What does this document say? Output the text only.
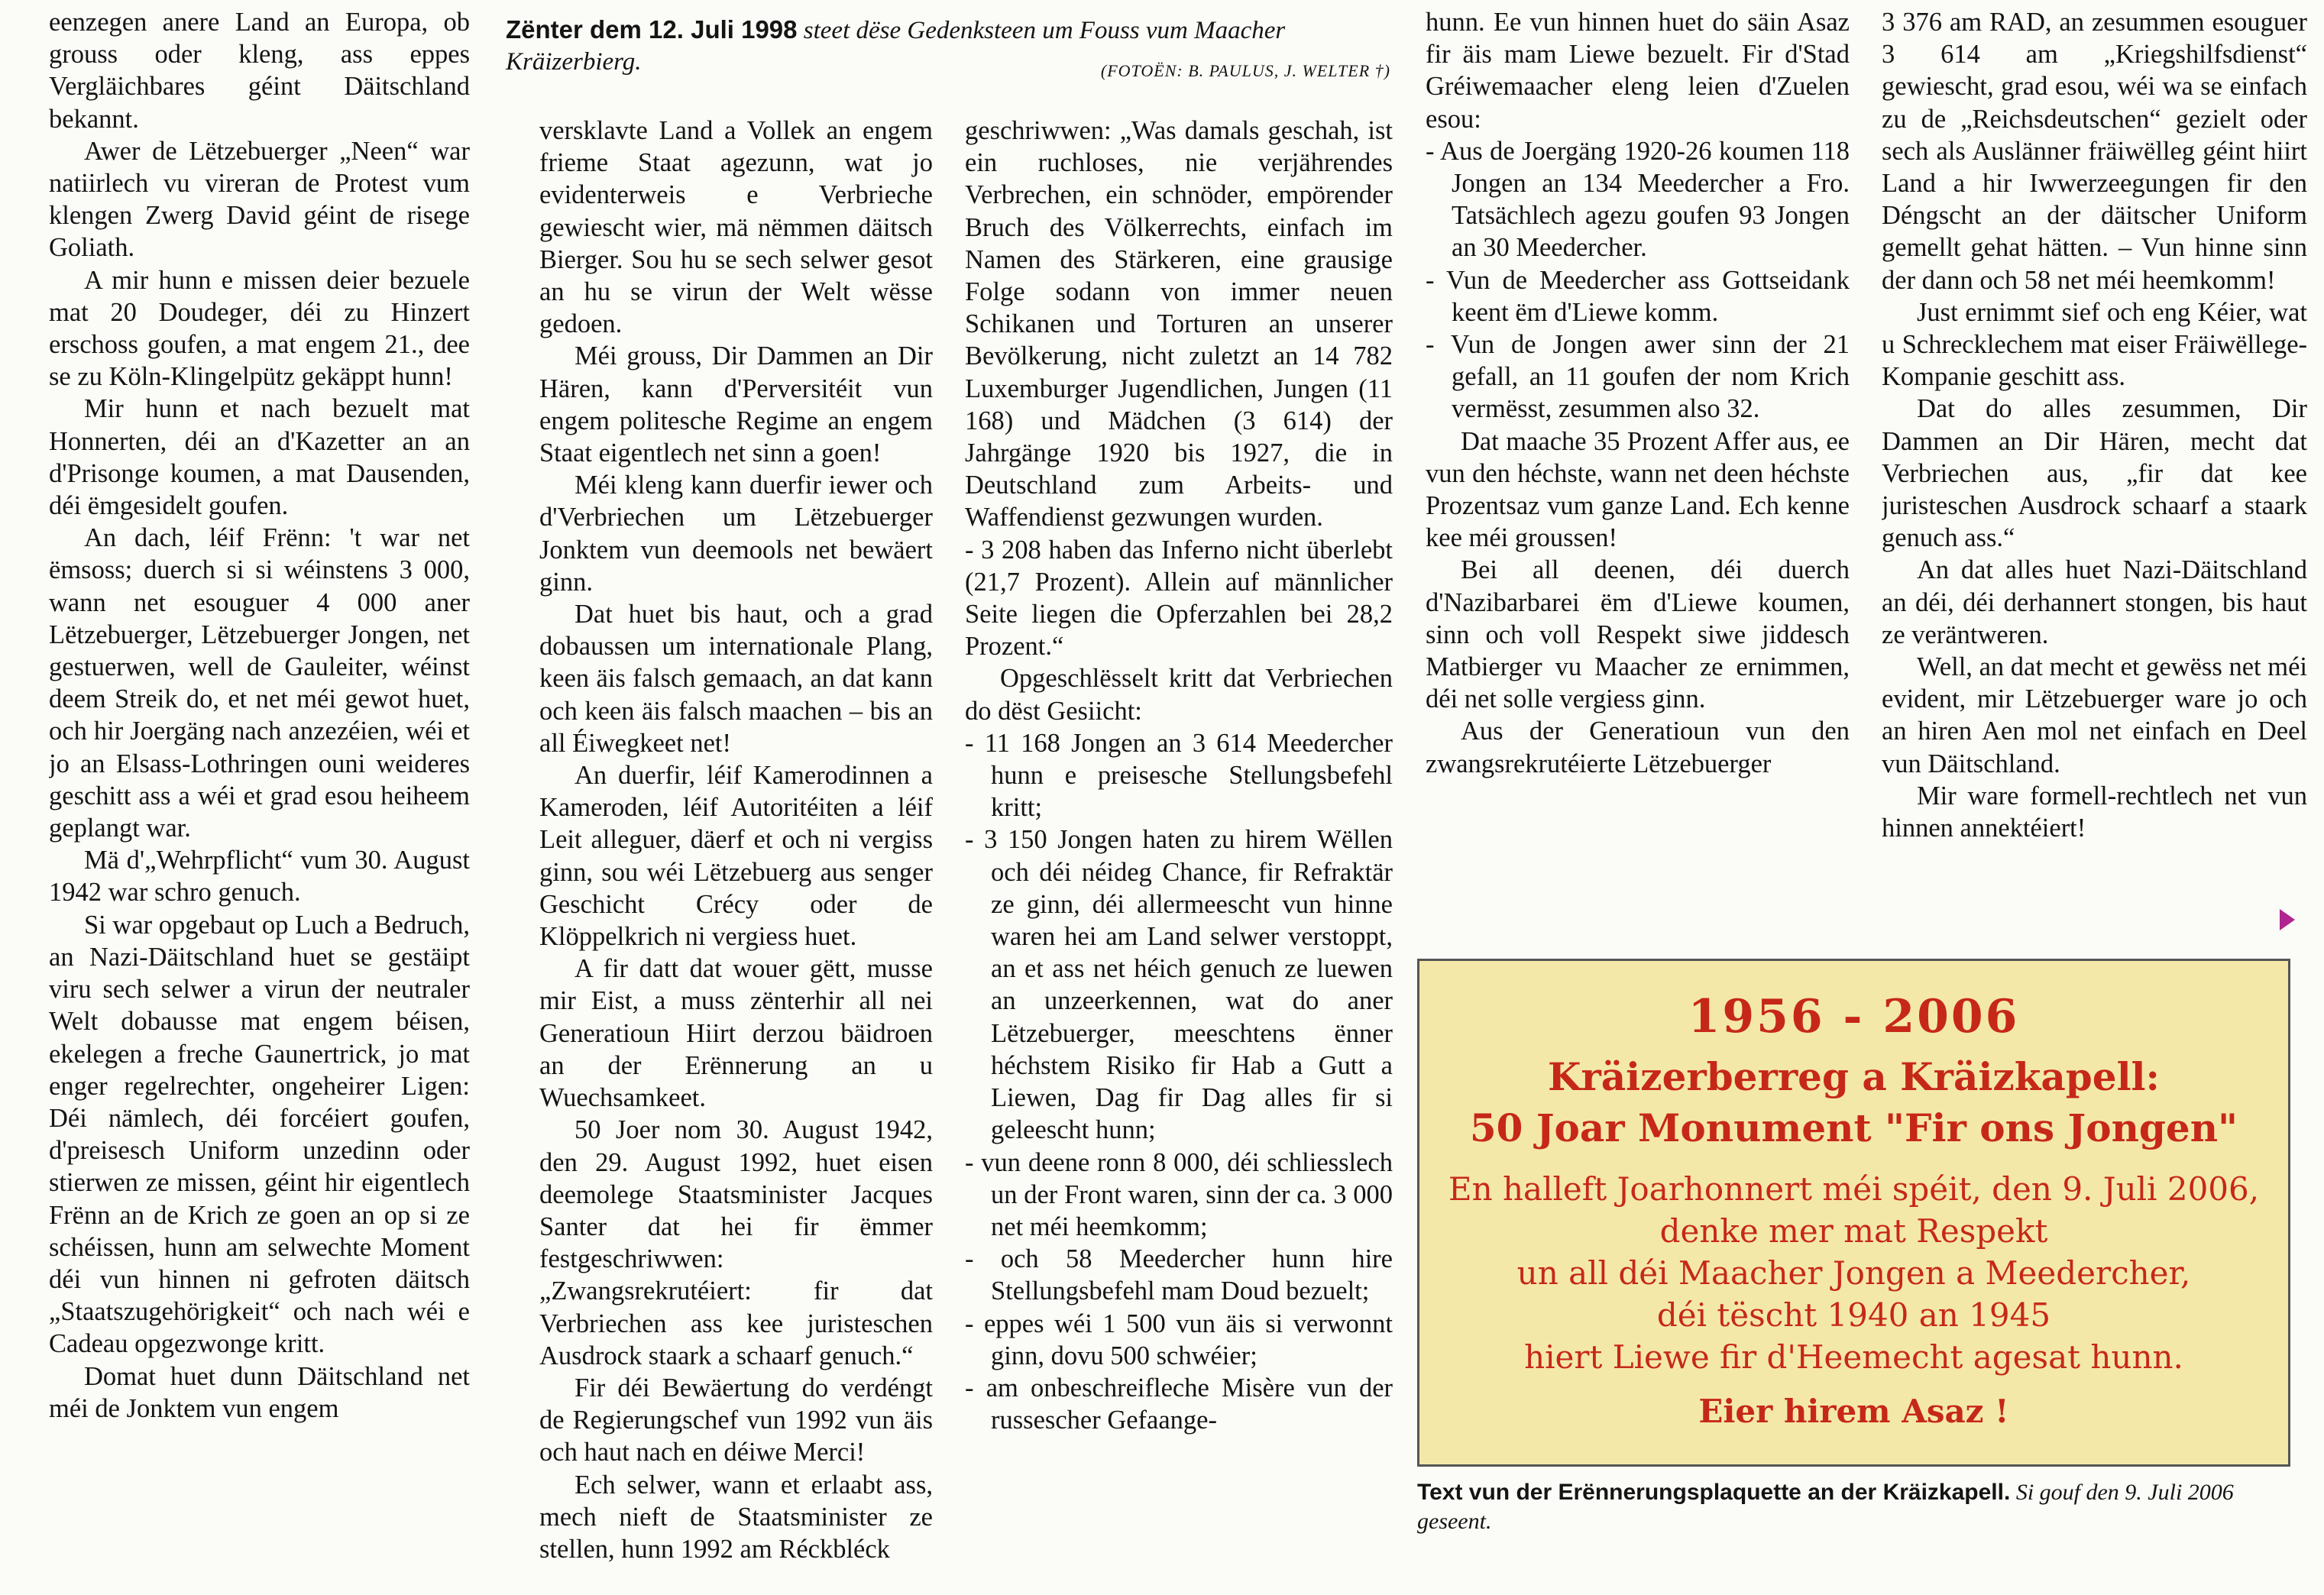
Zënter dem 12. Juli 1998 steet dëse Gedenksteen um Fouss vum Maacher Kräizerbierg.	(FOTOËN: B. PAULUS, J. WELTER †)

eenzegen anere Land an Europa, ob grouss oder kleng, ass eppes Vergläichbares géint Däitschland bekannt.

Awer de Lëtzebuerger „Neen“ war natiirlech vu vireran de Protest vum klengen Zwerg David géint de risege Goliath.

A mir hunn e missen deier bezuele mat 20 Doudeger, déi zu Hinzert erschoss goufen, a mat engem 21., dee se zu Köln-Klingelpütz gekäppt hunn!

Mir hunn et nach bezuelt mat Honnerten, déi an d'Kazetter an an d'Prisonge koumen, a mat Dausenden, déi ëmgesidelt goufen.

An dach, léif Frënn: 't war net ëmsoss; duerch si si wéinstens 3 000, wann net esouguer 4 000 aner Lëtzebuerger, Lëtzebuerger Jongen, net gestuerwen, well de Gauleiter, wéinst deem Streik do, et net méi gewot huet, och hir Joergäng nach anzezéien, wéi et jo an Elsass-Lothringen ouni weideres geschitt ass a wéi et grad esou heiheem geplangt war.

Mä d'„Wehrpflicht“ vum 30. August 1942 war schro genuch.

Si war opgebaut op Luch a Bedruch, an Nazi-Däitschland huet se gestäipt viru sech selwer a virun der neutraler Welt dobausse mat engem béisen, ekelegen a freche Gaunertrick, jo mat enger regelrechter, ongeheirer Ligen: Déi nämlech, déi forcéiert goufen, d'preisesch Uniform unzedinn oder stierwen ze missen, géint hir eigentlech Frënn an de Krich ze goen an op si ze schéissen, hunn am selwechte Moment déi vun hinnen ni gefroten däitsch „Staatszugehörigkeit“ och nach wéi e Cadeau opgezwonge kritt.

Domat huet dunn Däitschland net méi de Jonktem vun engem

versklavte Land a Vollek an engem frieme Staat agezunn, wat jo evidenterweis e Verbrieche gewiescht wier, mä nëmmen däitsch Bierger. Sou hu se sech selwer gesot an hu se virun der Welt wësse gedoen.

Méi grouss, Dir Dammen an Dir Hären, kann d'Perversitéit vun engem politesche Regime an engem Staat eigentlech net sinn a goen!

Méi kleng kann duerfir iewer och d'Verbriechen um Lëtzebuerger Jonktem vun deemools net bewäert ginn.

Dat huet bis haut, och a grad dobaussen um internationale Plang, keen äis falsch gemaach, an dat kann och keen äis falsch maachen – bis an all Éiwegkeet net!

An duerfir, léif Kamerodinnen a Kameroden, léif Autoritéiten a léif Leit alleguer, däerf et och ni vergiss ginn, sou wéi Lëtzebuerg aus senger Geschicht Crécy oder de Klöppelkrich ni vergiess huet.

A fir datt dat wouer gëtt, musse mir Eist, a muss zënterhir all nei Generatioun Hiirt derzou bäidroen an der Erënnerung an u Wuechsamkeet.

50 Joer nom 30. August 1942, den 29. August 1992, huet eisen deemolege Staatsminister Jacques Santer dat hei fir ëmmer festgeschriwwen: „Zwangsrekrutéiert: fir dat Verbriechen ass kee juristeschen Ausdrock staark a schaarf genuch.“

Fir déi Bewäertung do verdéngt de Regierungschef vun 1992 vun äis och haut nach en déiwe Merci!

Ech selwer, wann et erlaabt ass, mech nieft de Staatsminister ze stellen, hunn 1992 am Réckbléck

geschriwwen: „Was damals geschah, ist ein ruchloses, nie verjährendes Verbrechen, ein schnöder, empörender Bruch des Völkerrechts, einfach im Namen des Stärkeren, eine grausige Folge sodann von immer neuen Schikanen und Torturen an unserer Bevölkerung, nicht zuletzt an 14 782 Luxemburger Jugendlichen, Jungen (11 168) und Mädchen (3 614) der Jahrgänge 1920 bis 1927, die in Deutschland zum Arbeits- und Waffendienst gezwungen wurden.

- 3 208 haben das Inferno nicht überlebt (21,7 Prozent). Allein auf männlicher Seite liegen die Opferzahlen bei 28,2 Prozent.“

Opgeschlësselt kritt dat Verbriechen do dëst Gesiicht:

- 11 168 Jongen an 3 614 Meedercher hunn e preisesche Stellungsbefehl kritt;

- 3 150 Jongen haten zu hirem Wëllen och déi néideg Chance, fir Refraktär ze ginn, déi allermeescht vun hinne waren hei am Land selwer verstoppt, an et ass net héich genuch ze luewen an unzeerkennen, wat do aner Lëtzebuerger, meeschtens ënner héchstem Risiko fir Hab a Gutt a Liewen, Dag fir Dag alles fir si geleescht hunn;

- vun deene ronn 8 000, déi schliesslech un der Front waren, sinn der ca. 3 000 net méi heemkomm;

- och 58 Meedercher hunn hire Stellungsbefehl mam Doud bezuelt;

- eppes wéi 1 500 vun äis si verwonnt ginn, dovu 500 schwéier;

- am onbeschreifleche Misère vun der russescher Gefaange-

hunn. Ee vun hinnen huet do säin Asaz fir äis mam Liewe bezuelt. Fir d'Stad Gréiwemaacher eleng leien d'Zuelen esou:

- Aus de Joergäng 1920-26 koumen 118 Jongen an 134 Meedercher a Fro. Tatsächlech agezu goufen 93 Jongen an 30 Meedercher.

- Vun de Meedercher ass Gottseidank keent ëm d'Liewe komm.

- Vun de Jongen awer sinn der 21 gefall, an 11 goufen der nom Krich vermësst, zesummen also 32.

Dat maache 35 Prozent Affer aus, ee vun den héchste, wann net deen héchste Prozentsaz vum ganze Land. Ech kenne kee méi groussen!

Bei all deenen, déi duerch d'Nazibarbarei ëm d'Liewe koumen, sinn och voll Respekt siwe jiddesch Matbierger vu Maacher ze ernimmen, déi net solle vergiess ginn.

Aus der Generatioun vun den zwangsrekrutéierte Lëtzebuerger

3 376 am RAD, an zesummen esouguer 3 614 am „Kriegshilfsdienst“ gewiescht, grad esou, wéi wa se einfach zu de „Reichsdeutschen“ gezielt oder sech als Auslänner fräiwëlleg géint hiirt Land a hir Iwwerzeegungen fir den Déngscht an der däitscher Uniform gemellt gehat hätten. – Vun hinne sinn der dann och 58 net méi heemkomm!

Just ernimmt sief och eng Kéier, wat u Schrecklechem mat eiser Fräiwëllege-Kompanie geschitt ass.

Dat do alles zesummen, Dir Dammen an Dir Hären, mecht dat Verbriechen aus, „fir dat kee juristeschen Ausdrock schaarf a staark genuch ass.“

An dat alles huet Nazi-Däitschland an déi, déi derhannert stongen, bis haut ze veräntweren.

Well, an dat mecht et gewëss net méi evident, mir Lëtzebuerger ware jo och an hiren Aen mol net einfach en Deel vun Däitschland.

Mir ware formell-rechtlech net vun hinnen annektéiert!

1956 - 2006
Kräizerberreg a Kräizkapell:
50 Joar Monument "Fir ons Jongen"
En halleft Joarhonnert méi spéit, den 9. Juli 2006,
denke mer mat Respekt
un all déi Maacher Jongen a Meedercher,
déi tëscht 1940 an 1945
hiert Liewe fir d'Heemecht agesat hunn.
Eier hirem Asaz !
Text vun der Erënnerungsplaquette an der Kräizkapell. Si gouf den 9. Juli 2006 geseent.
